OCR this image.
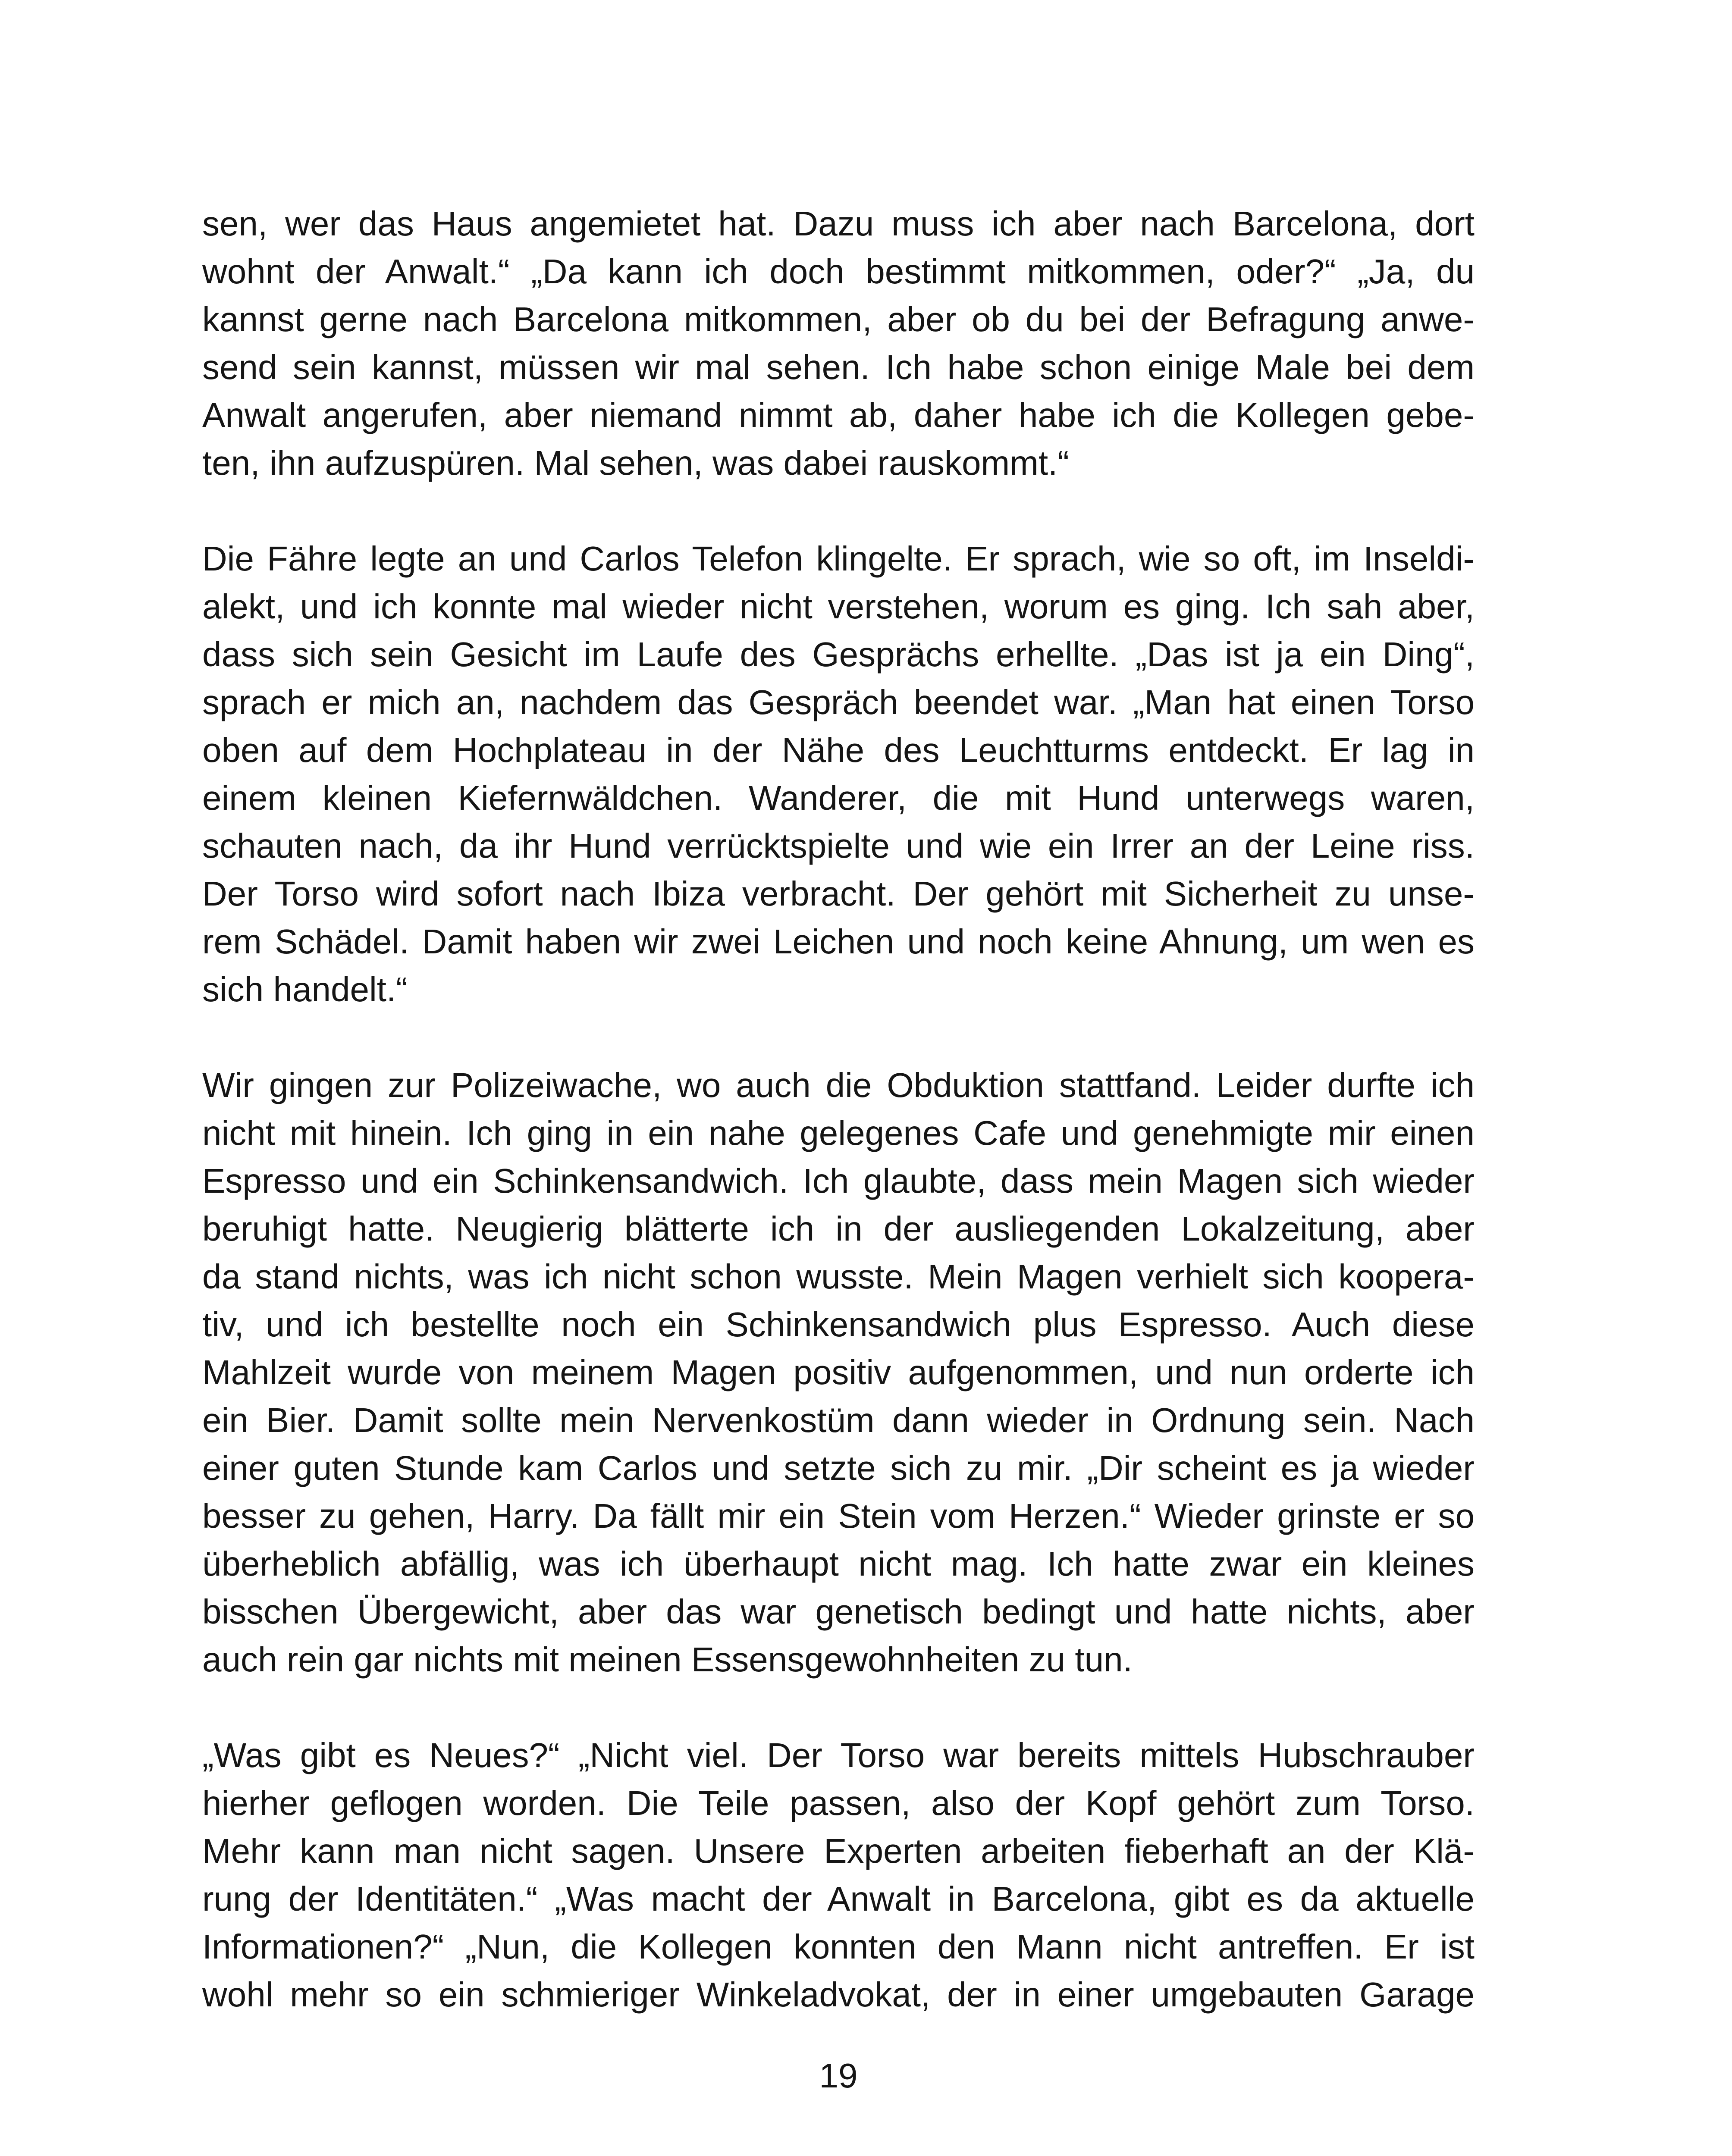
sen, wer das Haus angemietet hat. Dazu muss ich aber nach Barcelona, dort
wohnt der Anwalt.“ „Da kann ich doch bestimmt mitkommen, oder?“ „Ja, du
kannst gerne nach Barcelona mitkommen, aber ob du bei der Befragung anwe-
send sein kannst, müssen wir mal sehen. Ich habe schon einige Male bei dem
Anwalt angerufen, aber niemand nimmt ab, daher habe ich die Kollegen gebe-
ten, ihn aufzuspüren. Mal sehen, was dabei rauskommt.“
Die Fähre legte an und Carlos Telefon klingelte. Er sprach, wie so oft, im Inseldi-
alekt, und ich konnte mal wieder nicht verstehen, worum es ging. Ich sah aber,
dass sich sein Gesicht im Laufe des Gesprächs erhellte. „Das ist ja ein Ding“,
sprach er mich an, nachdem das Gespräch beendet war. „Man hat einen Torso
oben auf dem Hochplateau in der Nähe des Leuchtturms entdeckt. Er lag in
einem kleinen Kiefernwäldchen. Wanderer, die mit Hund unterwegs waren,
schauten nach, da ihr Hund verrücktspielte und wie ein Irrer an der Leine riss.
Der Torso wird sofort nach Ibiza verbracht. Der gehört mit Sicherheit zu unse-
rem Schädel. Damit haben wir zwei Leichen und noch keine Ahnung, um wen es
sich handelt.“
Wir gingen zur Polizeiwache, wo auch die Obduktion stattfand. Leider durfte ich
nicht mit hinein. Ich ging in ein nahe gelegenes Cafe und genehmigte mir einen
Espresso und ein Schinkensandwich. Ich glaubte, dass mein Magen sich wieder
beruhigt hatte. Neugierig blätterte ich in der ausliegenden Lokalzeitung, aber
da stand nichts, was ich nicht schon wusste. Mein Magen verhielt sich koopera-
tiv, und ich bestellte noch ein Schinkensandwich plus Espresso. Auch diese
Mahlzeit wurde von meinem Magen positiv aufgenommen, und nun orderte ich
ein Bier. Damit sollte mein Nervenkostüm dann wieder in Ordnung sein. Nach
einer guten Stunde kam Carlos und setzte sich zu mir. „Dir scheint es ja wieder
besser zu gehen, Harry. Da fällt mir ein Stein vom Herzen.“ Wieder grinste er so
überheblich abfällig, was ich überhaupt nicht mag. Ich hatte zwar ein kleines
bisschen Übergewicht, aber das war genetisch bedingt und hatte nichts, aber
auch rein gar nichts mit meinen Essensgewohnheiten zu tun.
„Was gibt es Neues?“ „Nicht viel. Der Torso war bereits mittels Hubschrauber
hierher geflogen worden. Die Teile passen, also der Kopf gehört zum Torso.
Mehr kann man nicht sagen. Unsere Experten arbeiten fieberhaft an der Klä-
rung der Identitäten.“ „Was macht der Anwalt in Barcelona, gibt es da aktuelle
Informationen?“ „Nun, die Kollegen konnten den Mann nicht antreffen. Er ist
wohl mehr so ein schmieriger Winkeladvokat, der in einer umgebauten Garage
19
